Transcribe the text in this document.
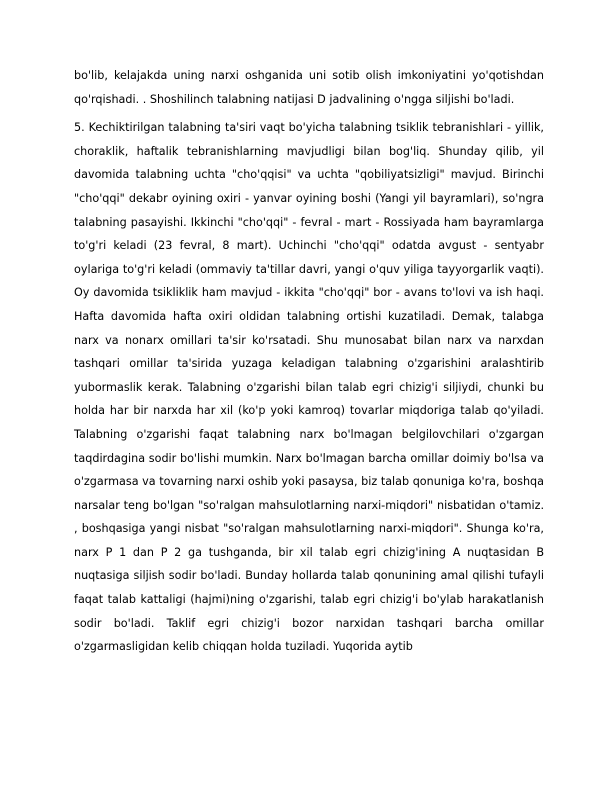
bo'lib, kelajakda uning narxi oshganida uni sotib olish imkoniyatini yo'qotishdan qo'rqishadi. . Shoshilinch talabning natijasi D jadvalining o'ngga siljishi bo'ladi.

5. Kechiktirilgan talabning ta'siri vaqt bo'yicha talabning tsiklik tebranishlari - yillik, choraklik, haftalik tebranishlarning mavjudligi bilan bog'liq. Shunday qilib, yil davomida talabning uchta "cho'qqisi" va uchta "qobiliyatsizligi" mavjud. Birinchi "cho'qqi" dekabr oyining oxiri - yanvar oyining boshi (Yangi yil bayramlari), so'ngra talabning pasayishi. Ikkinchi "cho'qqi" - fevral - mart - Rossiyada ham bayramlarga to'g'ri keladi (23 fevral, 8 mart). Uchinchi "cho'qqi" odatda avgust - sentyabr oylariga to'g'ri keladi (ommaviy ta'tillar davri, yangi o'quv yiliga tayyorgarlik vaqti). Oy davomida tsikliklik ham mavjud - ikkita "cho'qqi" bor - avans to'lovi va ish haqi. Hafta davomida hafta oxiri oldidan talabning ortishi kuzatiladi. Demak, talabga narx va nonarx omillari ta'sir ko'rsatadi. Shu munosabat bilan narx va narxdan tashqari omillar ta'sirida yuzaga keladigan talabning o'zgarishini aralashtirib yubormaslik kerak. Talabning o'zgarishi bilan talab egri chizig'i siljiydi, chunki bu holda har bir narxda har xil (ko'p yoki kamroq) tovarlar miqdoriga talab qo'yiladi. Talabning o'zgarishi faqat talabning narx bo'lmagan belgilovchilari o'zgargan taqdirdagina sodir bo'lishi mumkin. Narx bo'lmagan barcha omillar doimiy bo'lsa va o'zgarmasa va tovarning narxi oshib yoki pasaysa, biz talab qonuniga ko'ra, boshqa narsalar teng bo'lgan "so'ralgan mahsulotlarning narxi-miqdori" nisbatidan o'tamiz. , boshqasiga yangi nisbat "so'ralgan mahsulotlarning narxi-miqdori". Shunga ko'ra, narx P 1 dan P 2 ga tushganda, bir xil talab egri chizig'ining A nuqtasidan B nuqtasiga siljish sodir bo'ladi. Bunday hollarda talab qonunining amal qilishi tufayli faqat talab kattaligi (hajmi)ning o'zgarishi, talab egri chizig'i bo'ylab harakatlanish sodir bo'ladi. Taklif egri chizig'i bozor narxidan tashqari barcha omillar o'zgarmasligidan kelib chiqqan holda tuziladi. Yuqorida aytib
